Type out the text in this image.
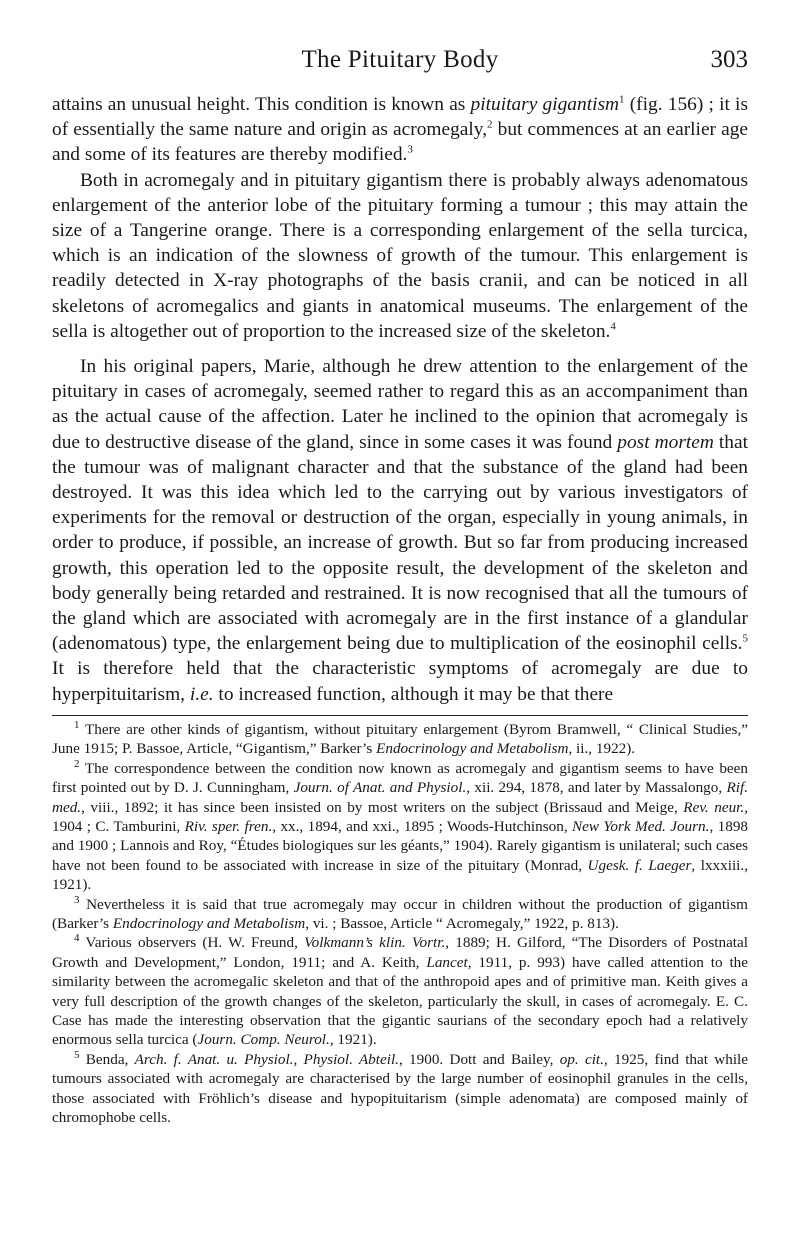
The Pituitary Body	303

attains an unusual height. This condition is known as pituitary gigantism$^1$ (fig. 156) ; it is of essentially the same nature and origin as acromegaly,$^2$ but commences at an earlier age and some of its features are thereby modified.$^3$

Both in acromegaly and in pituitary gigantism there is probably always adenomatous enlargement of the anterior lobe of the pituitary forming a tumour ; this may attain the size of a Tangerine orange. There is a corresponding enlargement of the sella turcica, which is an indication of the slowness of growth of the tumour. This enlargement is readily detected in X-ray photographs of the basis cranii, and can be noticed in all skeletons of acromegalics and giants in anatomical museums. The enlargement of the sella is altogether out of proportion to the increased size of the skeleton.$^4$

In his original papers, Marie, although he drew attention to the enlargement of the pituitary in cases of acromegaly, seemed rather to regard this as an accompaniment than as the actual cause of the affection. Later he inclined to the opinion that acromegaly is due to destructive disease of the gland, since in some cases it was found post mortem that the tumour was of malignant character and that the substance of the gland had been destroyed. It was this idea which led to the carrying out by various investigators of experiments for the removal or destruction of the organ, especially in young animals, in order to produce, if possible, an increase of growth. But so far from producing increased growth, this operation led to the opposite result, the development of the skeleton and body generally being retarded and restrained. It is now recognised that all the tumours of the gland which are associated with acromegaly are in the first instance of a glandular (adenomatous) type, the enlargement being due to multiplication of the eosinophil cells.$^5$ It is therefore held that the characteristic symptoms of acromegaly are due to hyperpituitarism, i.e. to increased function, although it may be that there

$^1$ There are other kinds of gigantism, without pituitary enlargement (Byrom Bramwell, “ Clinical Studies,” June 1915; P. Bassoe, Article, “Gigantism,” Barker’s Endocrinology and Metabolism, ii., 1922).

$^2$ The correspondence between the condition now known as acromegaly and gigantism seems to have been first pointed out by D. J. Cunningham, Journ. of Anat. and Physiol., xii. 294, 1878, and later by Massalongo, Rif. med., viii., 1892; it has since been insisted on by most writers on the subject (Brissaud and Meige, Rev. neur., 1904 ; C. Tamburini, Riv. sper. fren., xx., 1894, and xxi., 1895 ; Woods-Hutchinson, New York Med. Journ., 1898 and 1900 ; Lannois and Roy, “Études biologiques sur les géants,” 1904). Rarely gigantism is unilateral; such cases have not been found to be associated with increase in size of the pituitary (Monrad, Ugesk. f. Laeger, lxxxiii., 1921).

$^3$ Nevertheless it is said that true acromegaly may occur in children without the production of gigantism (Barker’s Endocrinology and Metabolism, vi. ; Bassoe, Article “ Acromegaly,” 1922, p. 813).

$^4$ Various observers (H. W. Freund, Volkmann’s klin. Vortr., 1889; H. Gilford, “The Disorders of Postnatal Growth and Development,” London, 1911; and A. Keith, Lancet, 1911, p. 993) have called attention to the similarity between the acromegalic skeleton and that of the anthropoid apes and of primitive man. Keith gives a very full description of the growth changes of the skeleton, particularly the skull, in cases of acromegaly. E. C. Case has made the interesting observation that the gigantic saurians of the secondary epoch had a relatively enormous sella turcica (Journ. Comp. Neurol., 1921).

$^5$ Benda, Arch. f. Anat. u. Physiol., Physiol. Abteil., 1900. Dott and Bailey, op. cit., 1925, find that while tumours associated with acromegaly are characterised by the large number of eosinophil granules in the cells, those associated with Fröhlich’s disease and hypopituitarism (simple adenomata) are composed mainly of chromophobe cells.
